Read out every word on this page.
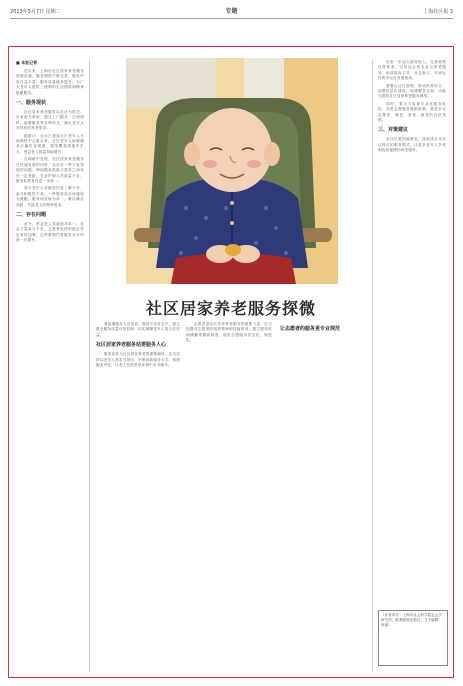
2013年5月7日 星期二	专题	上海社区报 3
■ 本报记者

近年来，上海市社区居家养老服务发展迅速，服务网络不断完善，服务内容日益丰富，服务质量稳步提升，为广大老年人提供了便利的生活照料和精神慰藉服务。

一、服务现状

社区居家养老服务以社区为依托，以家庭为基础，通过上门服务、日间照料、助餐服务等多种形式，满足老年人多样化的养老需求。

据统计，全市已建成社区老年人日间照料中心数百家，社区老年人助餐服务点遍布各街道，服务覆盖面逐年扩大，受益老人数量持续增长。

在调研中发现，社区居家养老服务在快速发展的同时，也存在一些不容忽视的问题，例如服务供给与需求之间存在一定差距，专业护理人员数量不足，服务标准有待进一步统一。

部分老年人对服务内容了解不多，参与积极性不高；一些服务站点设施较为简陋，服务项目较为单一，难以满足高龄、失能老人的特殊需求。

二、存在问题

此外，资金投入渠道相对单一，社会力量参与不足，志愿者队伍的稳定性也有待加强，这些都制约着服务水平的进一步提升。

社区居家养老服务探微

应进一步加大政府投入，完善政策扶持体系，引导社会资本参与养老服务，形成政府主导、社会参与、市场运作的多元化发展格局。

要整合社区资源，推动医养结合，加强信息化建设，构建覆盖全面、功能完善的社区居家养老服务网络。

同时，要大力培育专业化服务队伍，完善志愿服务激励机制，营造全社会尊老、敬老、爱老、助老的良好氛围。

三、对策建议

各社区要因地制宜，探索适合本社区特点的服务模式，让更多老年人享受到优质便捷的养老服务。

要加强服务人员培训，提高专业化水平，建立健全服务质量评估机制，切实保障老年人的合法权益。

社区居家养老服务站要服务人心

服务站作为社区居家养老的重要载体，应当坚持以老年人需求为导向，不断创新服务方式，拓展服务内容，让老人在熟悉的环境中安享晚年。

志愿者是社区居家养老服务的重要力量，应当加强对志愿者的组织管理和技能培训，建立服务时间储蓄等激励制度，促进志愿服务常态化、规范化。

让志愿者的服务更专业规范
（作者单位：上海市社会科学院社会学研究所，联系邮箱见报社，文字编辑：徐丽）
